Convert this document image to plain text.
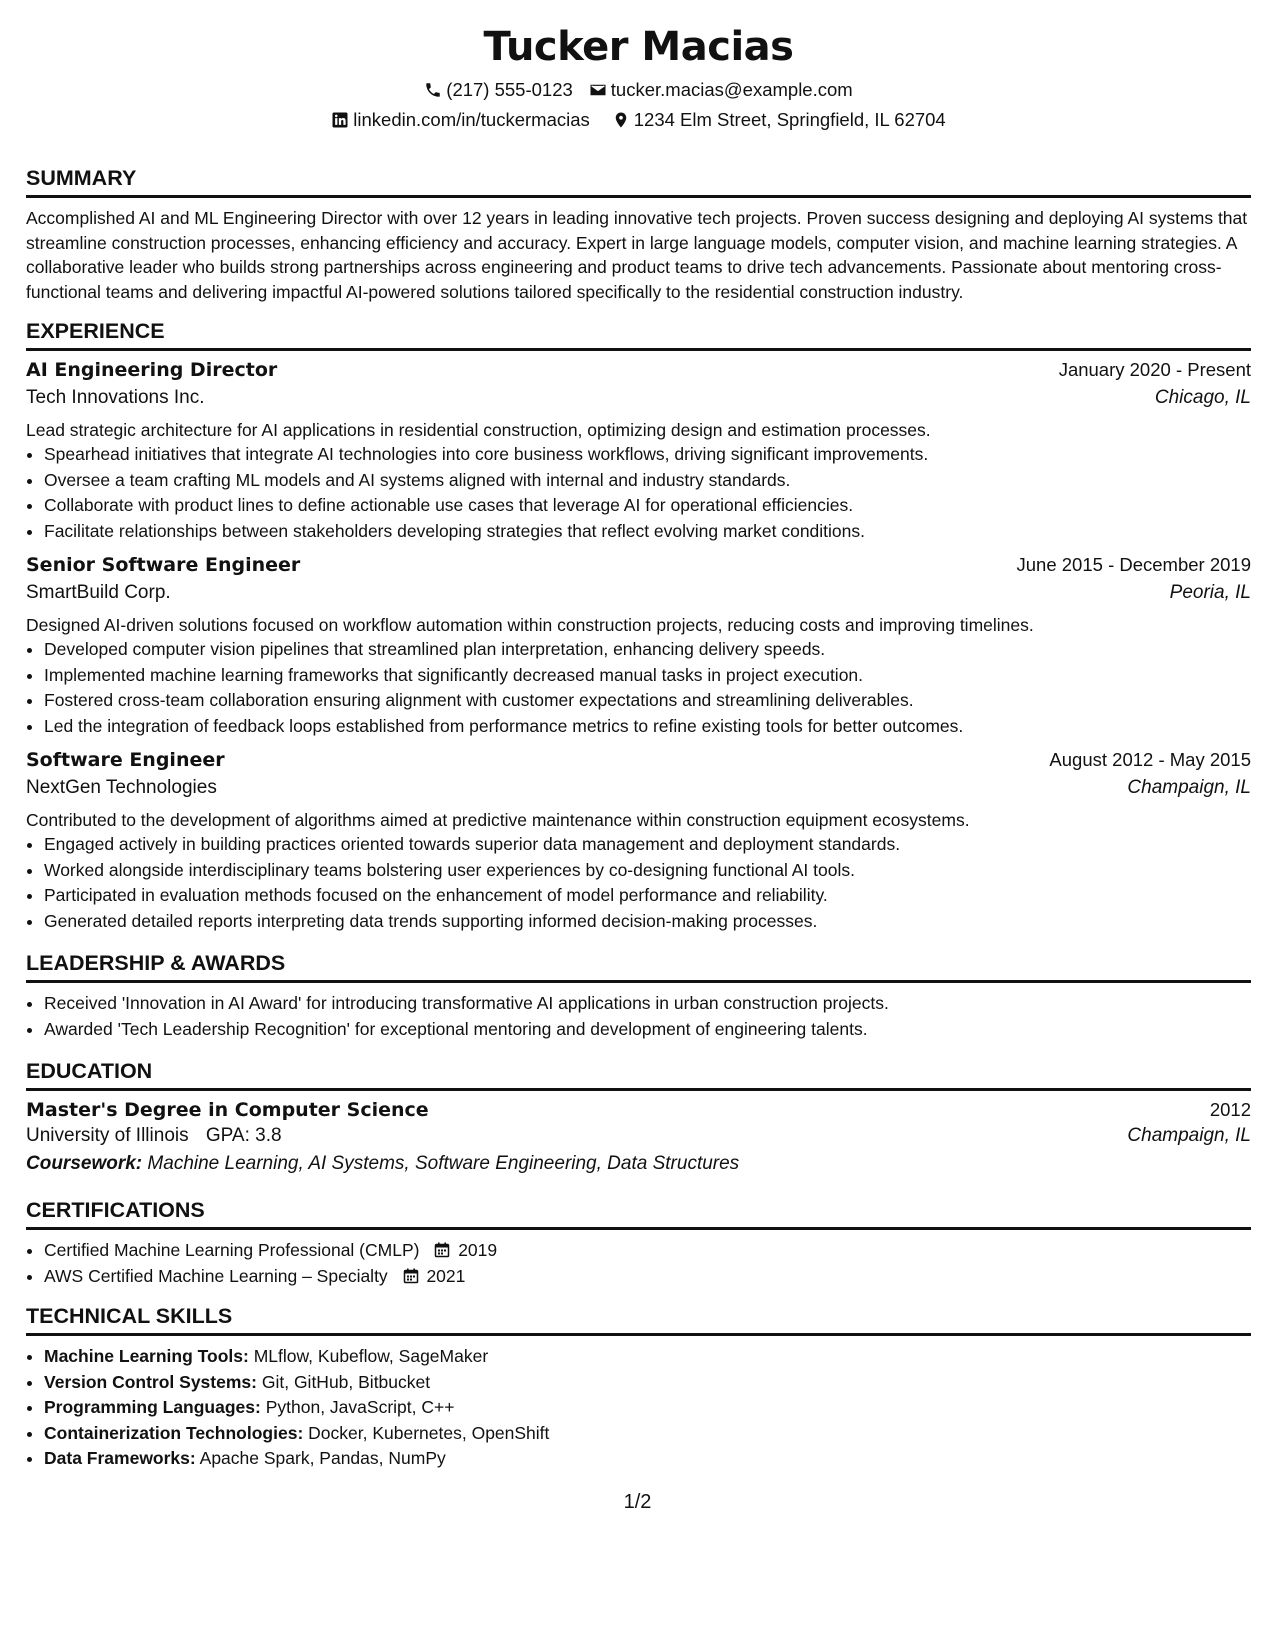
Tucker Macias
(217) 555-0123 tucker.macias@example.com
linkedin.com/in/tuckermacias 1234 Elm Street, Springfield, IL 62704
SUMMARY

Accomplished AI and ML Engineering Director with over 12 years in leading innovative tech projects. Proven success designing and deploying AI systems that streamline construction processes, enhancing efficiency and accuracy. Expert in large language models, computer vision, and machine learning strategies. A collaborative leader who builds strong partnerships across engineering and product teams to drive tech advancements. Passionate about mentoring cross-functional teams and delivering impactful AI-powered solutions tailored specifically to the residential construction industry.

EXPERIENCE
AI Engineering Director	January 2020 - Present
Tech Innovations Inc.	Chicago, IL
Lead strategic architecture for AI applications in residential construction, optimizing design and estimation processes.
• Spearhead initiatives that integrate AI technologies into core business workflows, driving significant improvements.
• Oversee a team crafting ML models and AI systems aligned with internal and industry standards.
• Collaborate with product lines to define actionable use cases that leverage AI for operational efficiencies.
• Facilitate relationships between stakeholders developing strategies that reflect evolving market conditions.
Senior Software Engineer	June 2015 - December 2019
SmartBuild Corp.	Peoria, IL
Designed AI-driven solutions focused on workflow automation within construction projects, reducing costs and improving timelines.
• Developed computer vision pipelines that streamlined plan interpretation, enhancing delivery speeds.
• Implemented machine learning frameworks that significantly decreased manual tasks in project execution.
• Fostered cross-team collaboration ensuring alignment with customer expectations and streamlining deliverables.
• Led the integration of feedback loops established from performance metrics to refine existing tools for better outcomes.
Software Engineer	August 2012 - May 2015
NextGen Technologies	Champaign, IL
Contributed to the development of algorithms aimed at predictive maintenance within construction equipment ecosystems.
• Engaged actively in building practices oriented towards superior data management and deployment standards.
• Worked alongside interdisciplinary teams bolstering user experiences by co-designing functional AI tools.
• Participated in evaluation methods focused on the enhancement of model performance and reliability.
• Generated detailed reports interpreting data trends supporting informed decision-making processes.
LEADERSHIP & AWARDS
• Received 'Innovation in AI Award' for introducing transformative AI applications in urban construction projects.
• Awarded 'Tech Leadership Recognition' for exceptional mentoring and development of engineering talents.
EDUCATION
Master's Degree in Computer Science	2012
University of Illinois GPA: 3.8	Champaign, IL
Coursework: Machine Learning, AI Systems, Software Engineering, Data Structures
CERTIFICATIONS
• Certified Machine Learning Professional (CMLP) 2019
• AWS Certified Machine Learning – Specialty 2021
TECHNICAL SKILLS
• Machine Learning Tools: MLflow, Kubeflow, SageMaker
• Version Control Systems: Git, GitHub, Bitbucket
• Programming Languages: Python, JavaScript, C++
• Containerization Technologies: Docker, Kubernetes, OpenShift
• Data Frameworks: Apache Spark, Pandas, NumPy
1/2
